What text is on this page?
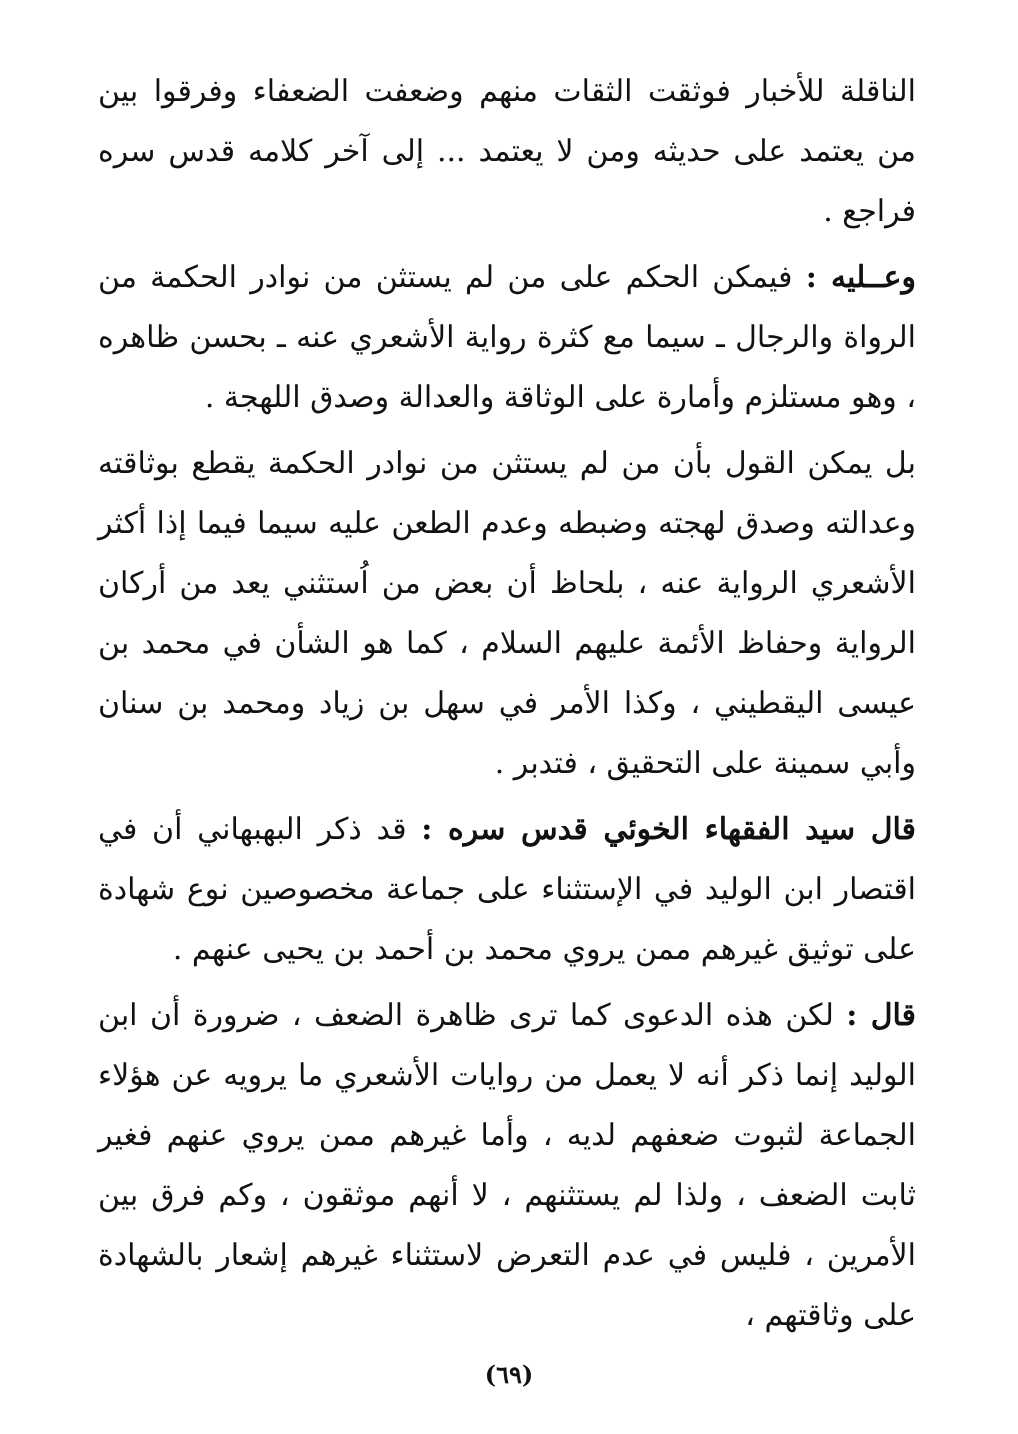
الناقلة للأخبار فوثقت الثقات منهم وضعفت الضعفاء وفرقوا بين من يعتمد على حديثه ومن لا يعتمد ... إلى آخر كلامه قدس سره فراجع .

وعــليه : فيمكن الحكم على من لم يستثن من نوادر الحكمة من الرواة والرجال ـ سيما مع كثرة رواية الأشعري عنه ـ بحسن ظاهره ، وهو مستلزم وأمارة على الوثاقة والعدالة وصدق اللهجة .

بل يمكن القول بأن من لم يستثن من نوادر الحكمة يقطع بوثاقته وعدالته وصدق لهجته وضبطه وعدم الطعن عليه سيما فيما إذا أكثر الأشعري الرواية عنه ، بلحاظ أن بعض من اُستثني يعد من أركان الرواية وحفاظ الأئمة عليهم السلام ، كما هو الشأن في محمد بن عيسى اليقطيني ، وكذا الأمر في سهل بن زياد ومحمد بن سنان وأبي سمينة على التحقيق ، فتدبر .

قال سيد الفقهاء الخوئي قدس سره : قد ذكر البهبهاني أن في اقتصار ابن الوليد في الإستثناء على جماعة مخصوصين نوع شهادة على توثيق غيرهم ممن يروي محمد بن أحمد بن يحيى عنهم .

قال : لكن هذه الدعوى كما ترى ظاهرة الضعف ، ضرورة أن ابن الوليد إنما ذكر أنه لا يعمل من روايات الأشعري ما يرويه عن هؤلاء الجماعة لثبوت ضعفهم لديه ، وأما غيرهم ممن يروي عنهم فغير ثابت الضعف ، ولذا لم يستثنهم ، لا أنهم موثقون ، وكم فرق بين الأمرين ، فليس في عدم التعرض لاستثناء غيرهم إشعار بالشهادة على وثاقتهم ،

(٦٩)
